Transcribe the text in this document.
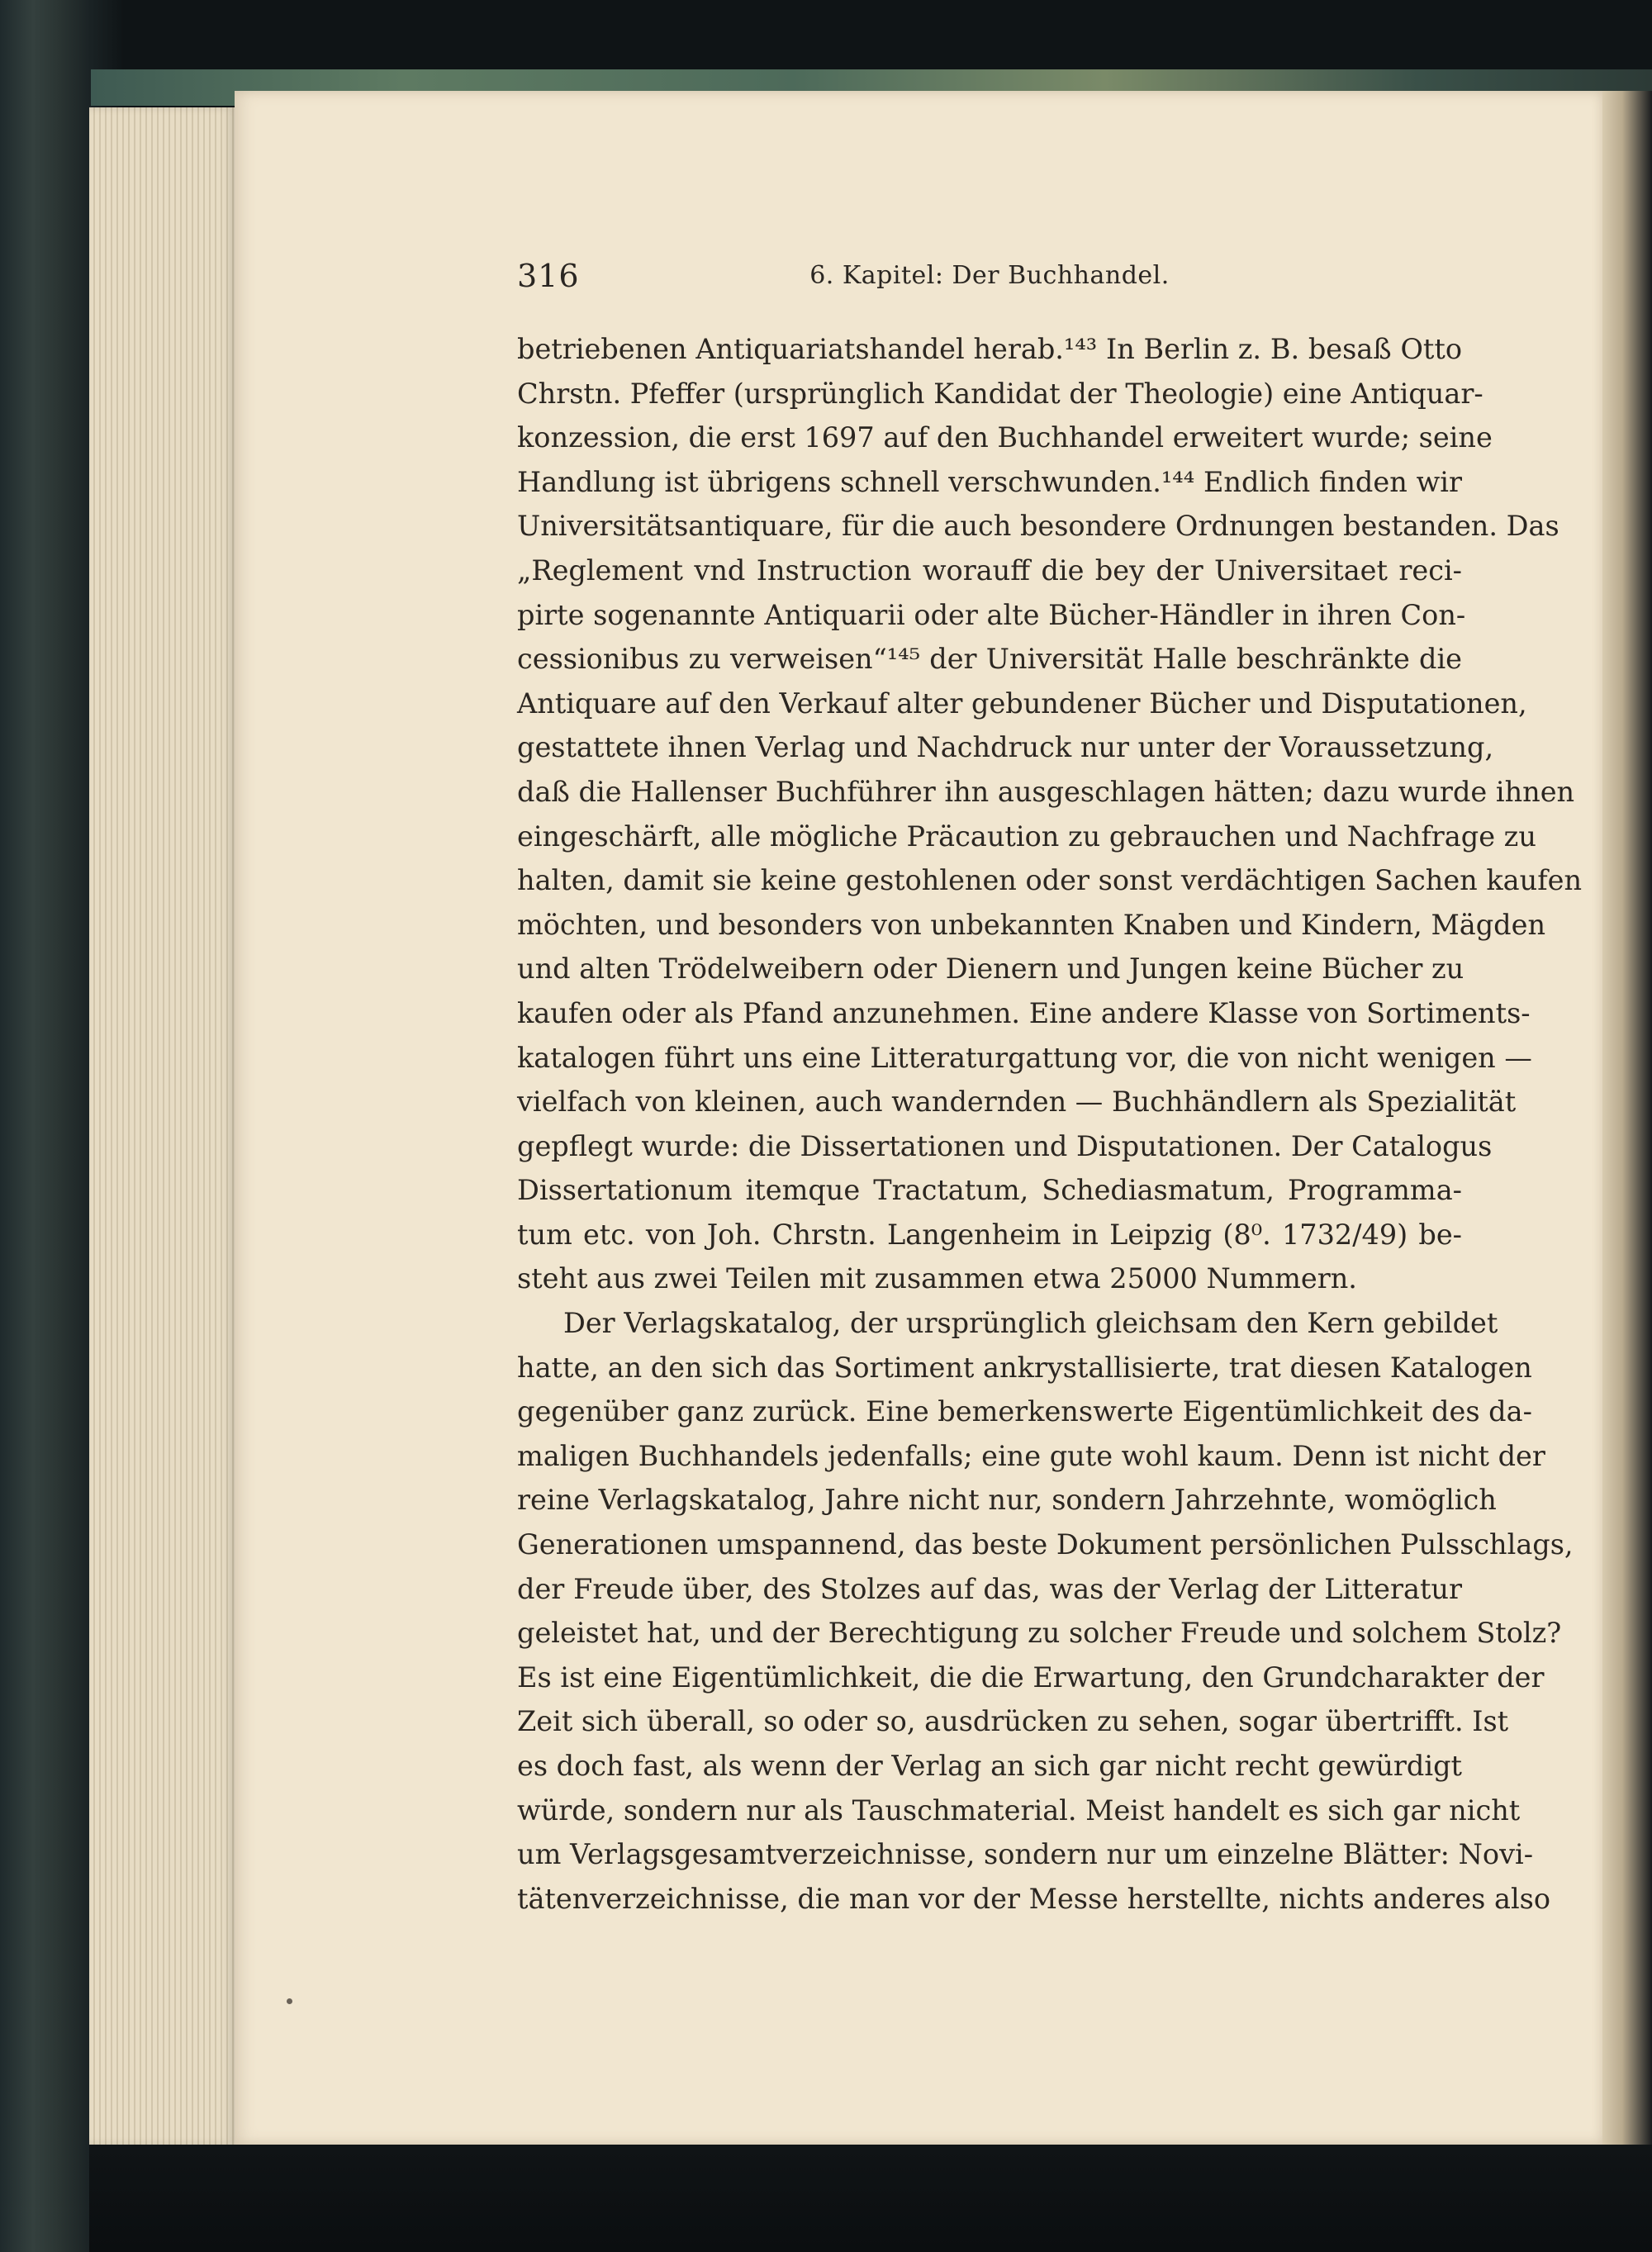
316	6. Kapitel: Der Buchhandel.
betriebenen Antiquariatshandel herab.¹⁴³ In Berlin z. B. besaß Otto
Chrstn. Pfeffer (ursprünglich Kandidat der Theologie) eine Antiquar-
konzession, die erst 1697 auf den Buchhandel erweitert wurde; seine
Handlung ist übrigens schnell verschwunden.¹⁴⁴ Endlich finden wir
Universitätsantiquare, für die auch besondere Ordnungen bestanden. Das
„Reglement vnd Instruction worauff die bey der Universitaet reci-
pirte sogenannte Antiquarii oder alte Bücher-Händler in ihren Con-
cessionibus zu verweisen“¹⁴⁵ der Universität Halle beschränkte die
Antiquare auf den Verkauf alter gebundener Bücher und Disputationen,
gestattete ihnen Verlag und Nachdruck nur unter der Voraussetzung,
daß die Hallenser Buchführer ihn ausgeschlagen hätten; dazu wurde ihnen
eingeschärft, alle mögliche Präcaution zu gebrauchen und Nachfrage zu
halten, damit sie keine gestohlenen oder sonst verdächtigen Sachen kaufen
möchten, und besonders von unbekannten Knaben und Kindern, Mägden
und alten Trödelweibern oder Dienern und Jungen keine Bücher zu
kaufen oder als Pfand anzunehmen. Eine andere Klasse von Sortiments-
katalogen führt uns eine Litteraturgattung vor, die von nicht wenigen —
vielfach von kleinen, auch wandernden — Buchhändlern als Spezialität
gepflegt wurde: die Dissertationen und Disputationen. Der Catalogus
Dissertationum itemque Tractatum, Schediasmatum, Programma-
tum etc. von Joh. Chrstn. Langenheim in Leipzig (8⁰. 1732/49) be-
steht aus zwei Teilen mit zusammen etwa 25000 Nummern.
Der Verlagskatalog, der ursprünglich gleichsam den Kern gebildet
hatte, an den sich das Sortiment ankrystallisierte, trat diesen Katalogen
gegenüber ganz zurück. Eine bemerkenswerte Eigentümlichkeit des da-
maligen Buchhandels jedenfalls; eine gute wohl kaum. Denn ist nicht der
reine Verlagskatalog, Jahre nicht nur, sondern Jahrzehnte, womöglich
Generationen umspannend, das beste Dokument persönlichen Pulsschlags,
der Freude über, des Stolzes auf das, was der Verlag der Litteratur
geleistet hat, und der Berechtigung zu solcher Freude und solchem Stolz?
Es ist eine Eigentümlichkeit, die die Erwartung, den Grundcharakter der
Zeit sich überall, so oder so, ausdrücken zu sehen, sogar übertrifft. Ist
es doch fast, als wenn der Verlag an sich gar nicht recht gewürdigt
würde, sondern nur als Tauschmaterial. Meist handelt es sich gar nicht
um Verlagsgesamtverzeichnisse, sondern nur um einzelne Blätter: Novi-
tätenverzeichnisse, die man vor der Messe herstellte, nichts anderes also
